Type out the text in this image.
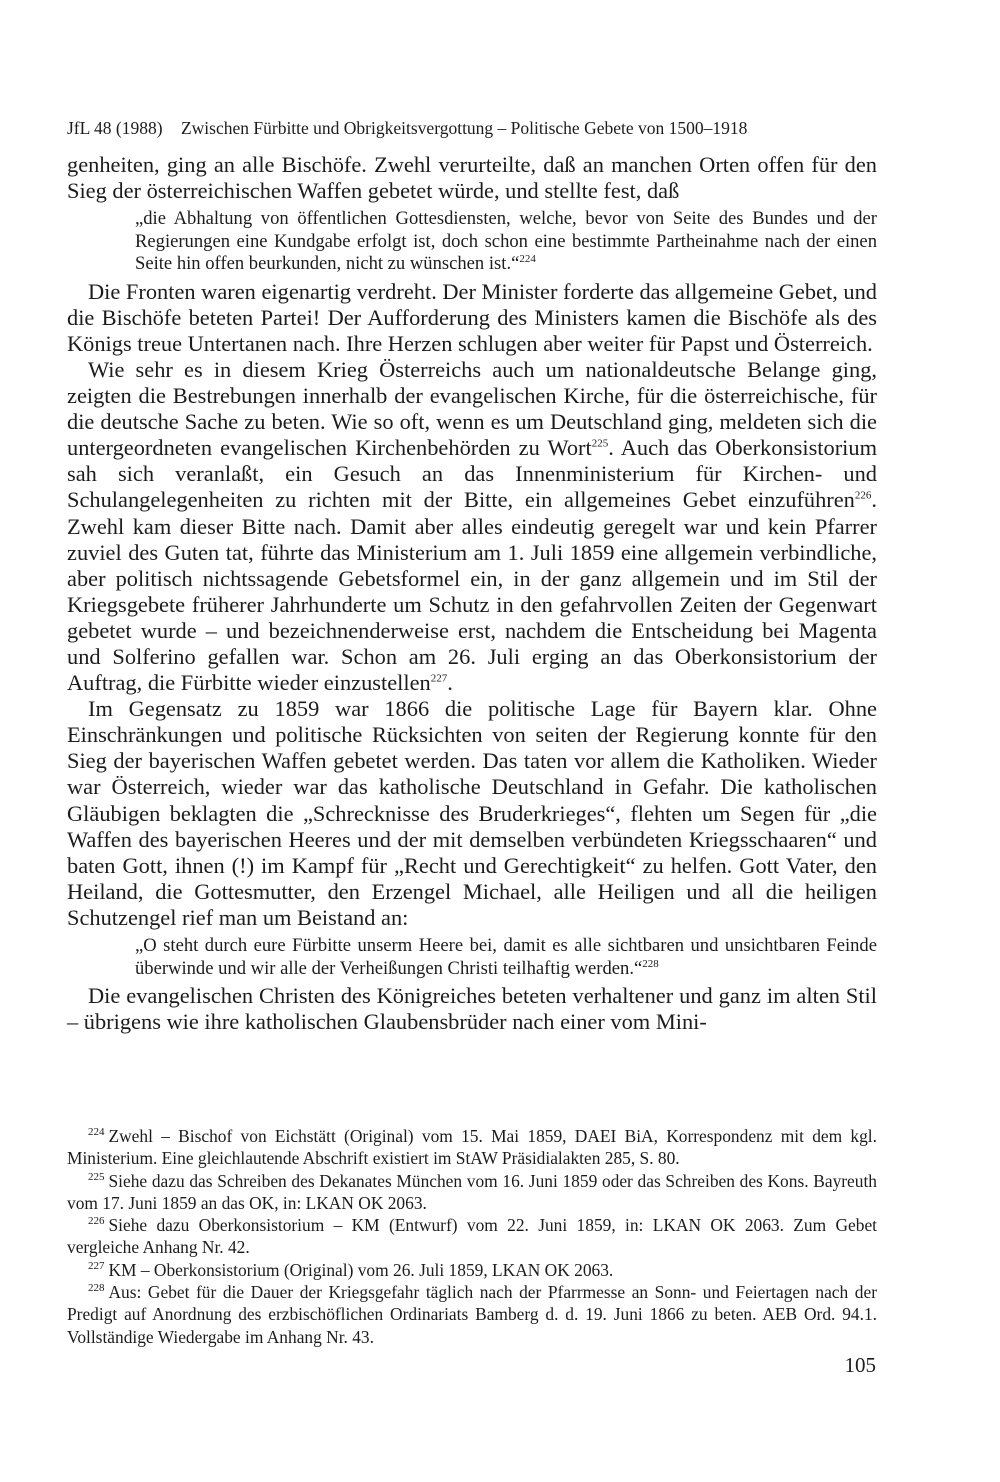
JfL 48 (1988) Zwischen Fürbitte und Obrigkeitsvergottung – Politische Gebete von 1500–1918

genheiten, ging an alle Bischöfe. Zwehl verurteilte, daß an manchen Orten offen für den Sieg der österreichischen Waffen gebetet würde, und stellte fest, daß

„die Abhaltung von öffentlichen Gottesdiensten, welche, bevor von Seite des Bundes und der Regierungen eine Kundgabe erfolgt ist, doch schon eine bestimmte Partheinahme nach der einen Seite hin offen beurkunden, nicht zu wünschen ist.“$^{224}$

Die Fronten waren eigenartig verdreht. Der Minister forderte das allgemeine Gebet, und die Bischöfe beteten Partei! Der Aufforderung des Ministers kamen die Bischöfe als des Königs treue Untertanen nach. Ihre Herzen schlugen aber weiter für Papst und Österreich.

Wie sehr es in diesem Krieg Österreichs auch um nationaldeutsche Belange ging, zeigten die Bestrebungen innerhalb der evangelischen Kirche, für die österreichische, für die deutsche Sache zu beten. Wie so oft, wenn es um Deutschland ging, meldeten sich die untergeordneten evangelischen Kirchenbehörden zu Wort$^{225}$. Auch das Oberkonsistorium sah sich veranlaßt, ein Gesuch an das Innenministerium für Kirchen- und Schulangelegenheiten zu richten mit der Bitte, ein allgemeines Gebet einzuführen$^{226}$. Zwehl kam dieser Bitte nach. Damit aber alles eindeutig geregelt war und kein Pfarrer zuviel des Guten tat, führte das Ministerium am 1. Juli 1859 eine allgemein verbindliche, aber politisch nichtssagende Gebetsformel ein, in der ganz allgemein und im Stil der Kriegsgebete früherer Jahrhunderte um Schutz in den gefahrvollen Zeiten der Gegenwart gebetet wurde – und bezeichnenderweise erst, nachdem die Entscheidung bei Magenta und Solferino gefallen war. Schon am 26. Juli erging an das Oberkonsistorium der Auftrag, die Fürbitte wieder einzustellen$^{227}$.

Im Gegensatz zu 1859 war 1866 die politische Lage für Bayern klar. Ohne Einschränkungen und politische Rücksichten von seiten der Regierung konnte für den Sieg der bayerischen Waffen gebetet werden. Das taten vor allem die Katholiken. Wieder war Österreich, wieder war das katholische Deutschland in Gefahr. Die katholischen Gläubigen beklagten die „Schrecknisse des Bruderkrieges“, flehten um Segen für „die Waffen des bayerischen Heeres und der mit demselben verbündeten Kriegsschaaren“ und baten Gott, ihnen (!) im Kampf für „Recht und Gerechtigkeit“ zu helfen. Gott Vater, den Heiland, die Gottesmutter, den Erzengel Michael, alle Heiligen und all die heiligen Schutzengel rief man um Beistand an:

„O steht durch eure Fürbitte unserm Heere bei, damit es alle sichtbaren und unsichtbaren Feinde überwinde und wir alle der Verheißungen Christi teilhaftig werden.“$^{228}$

Die evangelischen Christen des Königreiches beteten verhaltener und ganz im alten Stil – übrigens wie ihre katholischen Glaubensbrüder nach einer vom Mini-

$^{224}$ Zwehl – Bischof von Eichstätt (Original) vom 15. Mai 1859, DAEI BiA, Korrespondenz mit dem kgl. Ministerium. Eine gleichlautende Abschrift existiert im StAW Präsidialakten 285, S. 80.

$^{225}$ Siehe dazu das Schreiben des Dekanates München vom 16. Juni 1859 oder das Schreiben des Kons. Bayreuth vom 17. Juni 1859 an das OK, in: LKAN OK 2063.

$^{226}$ Siehe dazu Oberkonsistorium – KM (Entwurf) vom 22. Juni 1859, in: LKAN OK 2063. Zum Gebet vergleiche Anhang Nr. 42.

$^{227}$ KM – Oberkonsistorium (Original) vom 26. Juli 1859, LKAN OK 2063.

$^{228}$ Aus: Gebet für die Dauer der Kriegsgefahr täglich nach der Pfarrmesse an Sonn- und Feiertagen nach der Predigt auf Anordnung des erzbischöflichen Ordinariats Bamberg d. d. 19. Juni 1866 zu beten. AEB Ord. 94.1. Vollständige Wiedergabe im Anhang Nr. 43.

105
